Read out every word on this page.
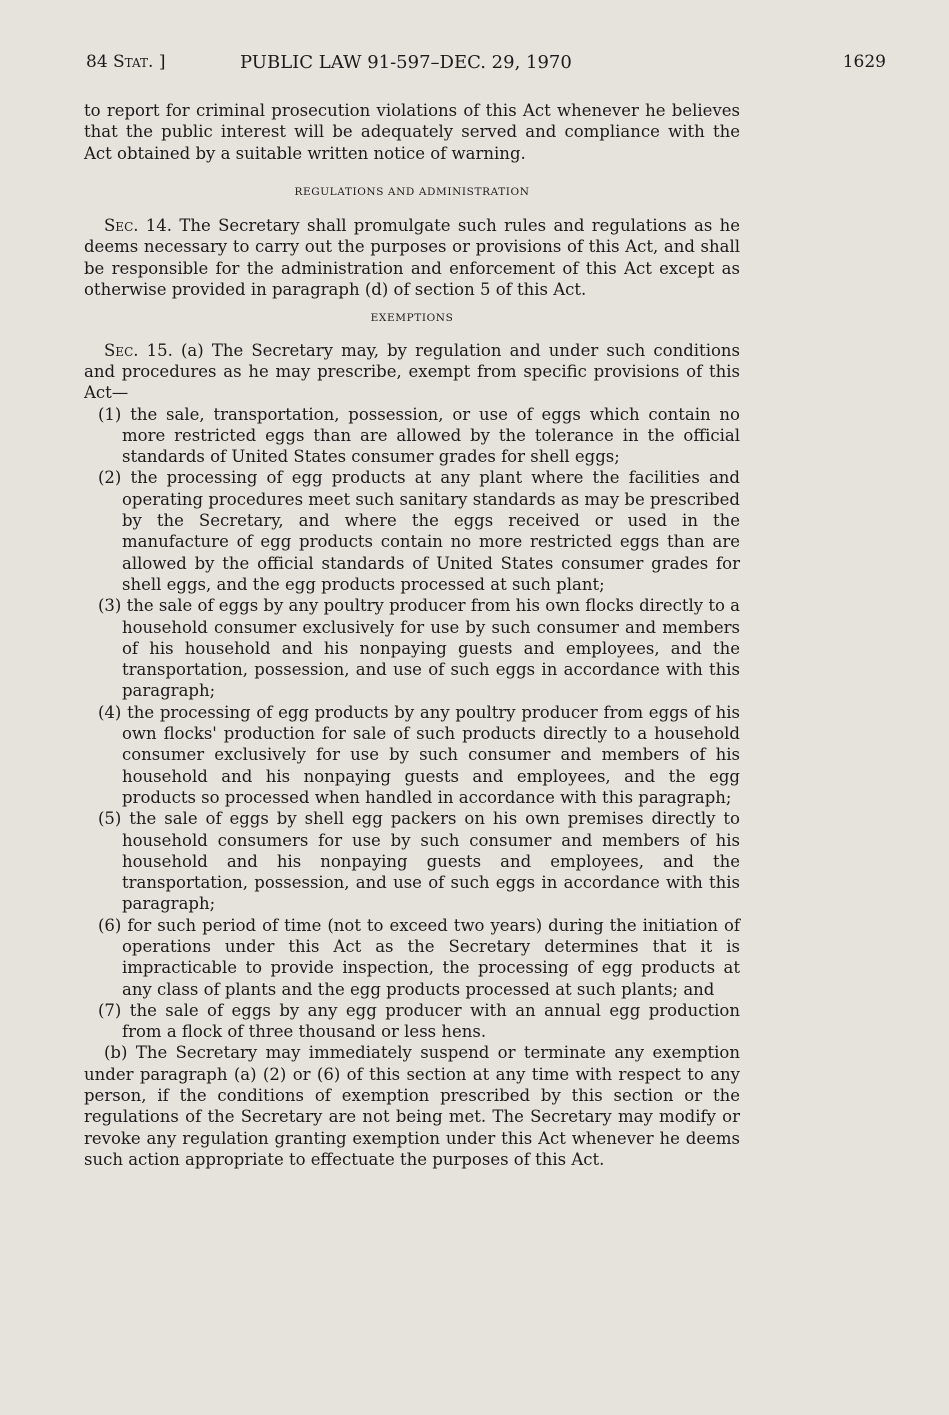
84 Stat. ]	PUBLIC LAW 91-597–DEC. 29, 1970	1629

to report for criminal prosecution violations of this Act whenever he believes that the public interest will be adequately served and compliance with the Act obtained by a suitable written notice of warning.

REGULATIONS AND ADMINISTRATION

Sec. 14. The Secretary shall promulgate such rules and regulations as he deems necessary to carry out the purposes or provisions of this Act, and shall be responsible for the administration and enforcement of this Act except as otherwise provided in paragraph (d) of section 5 of this Act.

EXEMPTIONS

Sec. 15. (a) The Secretary may, by regulation and under such conditions and procedures as he may prescribe, exempt from specific provisions of this Act—

(1) the sale, transportation, possession, or use of eggs which contain no more restricted eggs than are allowed by the tolerance in the official standards of United States consumer grades for shell eggs;

(2) the processing of egg products at any plant where the facilities and operating procedures meet such sanitary standards as may be prescribed by the Secretary, and where the eggs received or used in the manufacture of egg products contain no more restricted eggs than are allowed by the official standards of United States consumer grades for shell eggs, and the egg products processed at such plant;

(3) the sale of eggs by any poultry producer from his own flocks directly to a household consumer exclusively for use by such consumer and members of his household and his nonpaying guests and employees, and the transportation, possession, and use of such eggs in accordance with this paragraph;

(4) the processing of egg products by any poultry producer from eggs of his own flocks' production for sale of such products directly to a household consumer exclusively for use by such consumer and members of his household and his nonpaying guests and employees, and the egg products so processed when handled in accordance with this paragraph;

(5) the sale of eggs by shell egg packers on his own premises directly to household consumers for use by such consumer and members of his household and his nonpaying guests and employees, and the transportation, possession, and use of such eggs in accordance with this paragraph;

(6) for such period of time (not to exceed two years) during the initiation of operations under this Act as the Secretary determines that it is impracticable to provide inspection, the processing of egg products at any class of plants and the egg products processed at such plants; and

(7) the sale of eggs by any egg producer with an annual egg production from a flock of three thousand or less hens.

(b) The Secretary may immediately suspend or terminate any exemption under paragraph (a) (2) or (6) of this section at any time with respect to any person, if the conditions of exemption prescribed by this section or the regulations of the Secretary are not being met. The Secretary may modify or revoke any regulation granting exemption under this Act whenever he deems such action appropriate to effectuate the purposes of this Act.
